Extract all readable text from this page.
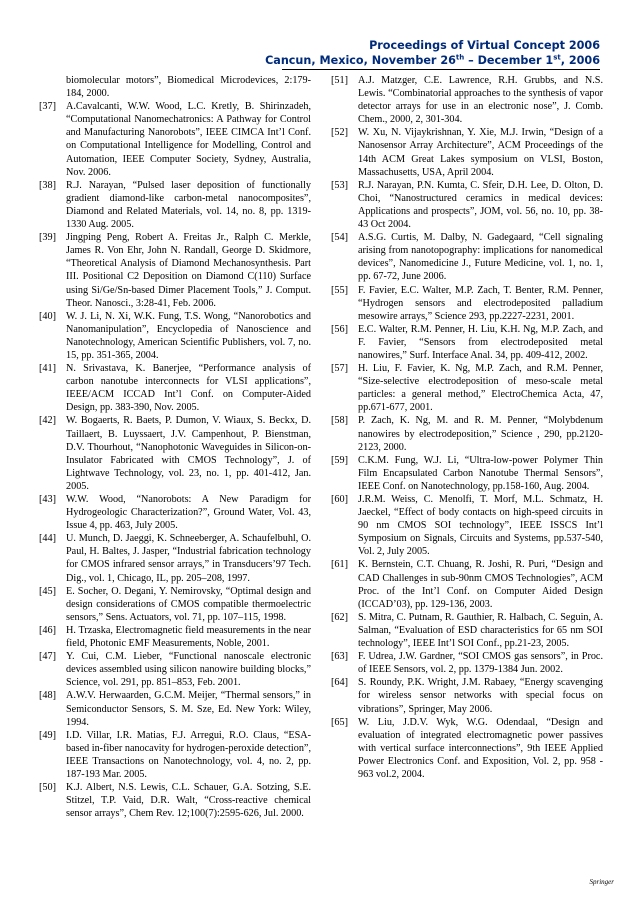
Proceedings of Virtual Concept 2006
Cancun, Mexico, November 26th – December 1st, 2006

biomolecular motors”, Biomedical Microdevices, 2:179-184, 2000.

[37] A.Cavalcanti, W.W. Wood, L.C. Kretly, B. Shirinzadeh, “Computational Nanomechatronics: A Pathway for Control and Manufacturing Nanorobots”, IEEE CIMCA Int’l Conf. on Computational Intelligence for Modelling, Control and Automation, IEEE Computer Society, Sydney, Australia, Nov. 2006.

[38] R.J. Narayan, “Pulsed laser deposition of functionally gradient diamond-like carbon-metal nanocomposites”, Diamond and Related Materials, vol. 14, no. 8, pp. 1319-1330 Aug. 2005.

[39] Jingping Peng, Robert A. Freitas Jr., Ralph C. Merkle, James R. Von Ehr, John N. Randall, George D. Skidmore, “Theoretical Analysis of Diamond Mechanosynthesis. Part III. Positional C2 Deposition on Diamond C(110) Surface using Si/Ge/Sn-based Dimer Placement Tools,” J. Comput. Theor. Nanosci., 3:28-41, Feb. 2006.

[40] W. J. Li, N. Xi, W.K. Fung, T.S. Wong, “Nanorobotics and Nanomanipulation”, Encyclopedia of Nanoscience and Nanotechnology, American Scientific Publishers, vol. 7, no. 15, pp. 351-365, 2004.

[41] N. Srivastava, K. Banerjee, “Performance analysis of carbon nanotube interconnects for VLSI applications”, IEEE/ACM ICCAD Int’l Conf. on Computer-Aided Design, pp. 383-390, Nov. 2005.

[42] W. Bogaerts, R. Baets, P. Dumon, V. Wiaux, S. Beckx, D. Taillaert, B. Luyssaert, J.V. Campenhout, P. Bienstman, D.V. Thourhout, “Nanophotonic Waveguides in Silicon-on-Insulator Fabricated with CMOS Technology”, J. of Lightwave Technology, vol. 23, no. 1, pp. 401-412, Jan. 2005.

[43] W.W. Wood, “Nanorobots: A New Paradigm for Hydrogeologic Characterization?”, Ground Water, Vol. 43, Issue 4, pp. 463, July 2005.

[44] U. Munch, D. Jaeggi, K. Schneeberger, A. Schaufelbuhl, O. Paul, H. Baltes, J. Jasper, “Industrial fabrication technology for CMOS infrared sensor arrays,” in Transducers’97 Tech. Dig., vol. 1, Chicago, IL, pp. 205–208, 1997.

[45] E. Socher, O. Degani, Y. Nemirovsky, “Optimal design and design considerations of CMOS compatible thermoelectric sensors,” Sens. Actuators, vol. 71, pp. 107–115, 1998.

[46] H. Trzaska, Electromagnetic field measurements in the near field, Photonic EMF Measurements, Noble, 2001.

[47] Y. Cui, C.M. Lieber, “Functional nanoscale electronic devices assembled using silicon nanowire building blocks,” Science, vol. 291, pp. 851–853, Feb. 2001.

[48] A.W.V. Herwaarden, G.C.M. Meijer, “Thermal sensors,” in Semiconductor Sensors, S. M. Sze, Ed. New York: Wiley, 1994.

[49] I.D. Villar, I.R. Matias, F.J. Arregui, R.O. Claus, “ESA-based in-fiber nanocavity for hydrogen-peroxide detection”, IEEE Transactions on Nanotechnology, vol. 4, no. 2, pp. 187-193 Mar. 2005.

[50] K.J. Albert, N.S. Lewis, C.L. Schauer, G.A. Sotzing, S.E. Stitzel, T.P. Vaid, D.R. Walt, “Cross-reactive chemical sensor arrays”, Chem Rev. 12;100(7):2595-626, Jul. 2000.

[51] A.J. Matzger, C.E. Lawrence, R.H. Grubbs, and N.S. Lewis. “Combinatorial approaches to the synthesis of vapor detector arrays for use in an electronic nose”, J. Comb. Chem., 2000, 2, 301-304.

[52] W. Xu, N. Vijaykrishnan, Y. Xie, M.J. Irwin, “Design of a Nanosensor Array Architecture”, ACM Proceedings of the 14th ACM Great Lakes symposium on VLSI, Boston, Massachusetts, USA, April 2004.

[53] R.J. Narayan, P.N. Kumta, C. Sfeir, D.H. Lee, D. Olton, D. Choi, “Nanostructured ceramics in medical devices: Applications and prospects”, JOM, vol. 56, no. 10, pp. 38-43 Oct 2004.

[54] A.S.G. Curtis, M. Dalby, N. Gadegaard, “Cell signaling arising from nanotopography: implications for nanomedical devices”, Nanomedicine J., Future Medicine, vol. 1, no. 1, pp. 67-72, June 2006.

[55] F. Favier, E.C. Walter, M.P. Zach, T. Benter, R.M. Penner, “Hydrogen sensors and electrodeposited palladium mesowire arrays,” Science 293, pp.2227-2231, 2001.

[56] E.C. Walter, R.M. Penner, H. Liu, K.H. Ng, M.P. Zach, and F. Favier, “Sensors from electrodeposited metal nanowires,” Surf. Interface Anal. 34, pp. 409-412, 2002.

[57] H. Liu, F. Favier, K. Ng, M.P. Zach, and R.M. Penner, “Size-selective electrodeposition of meso-scale metal particles: a general method,” ElectroChemica Acta, 47, pp.671-677, 2001.

[58] P. Zach, K. Ng, M. and R. M. Penner, “Molybdenum nanowires by electrodeposition,” Science , 290, pp.2120-2123, 2000.

[59] C.K.M. Fung, W.J. Li, “Ultra-low-power Polymer Thin Film Encapsulated Carbon Nanotube Thermal Sensors”, IEEE Conf. on Nanotechnology, pp.158-160, Aug. 2004.

[60] J.R.M. Weiss, C. Menolfi, T. Morf, M.L. Schmatz, H. Jaeckel, “Effect of body contacts on high-speed circuits in 90 nm CMOS SOI technology”, IEEE ISSCS Int’l Symposium on Signals, Circuits and Systems, pp.537-540, Vol. 2, July 2005.

[61] K. Bernstein, C.T. Chuang, R. Joshi, R. Puri, “Design and CAD Challenges in sub-90nm CMOS Technologies”, ACM Proc. of the Int’l Conf. on Computer Aided Design (ICCAD’03), pp. 129-136, 2003.

[62] S. Mitra, C. Putnam, R. Gauthier, R. Halbach, C. Seguin, A. Salman, “Evaluation of ESD characteristics for 65 nm SOI technology”, IEEE Int’l SOI Conf., pp.21-23, 2005.

[63] F. Udrea, J.W. Gardner, “SOI CMOS gas sensors”, in Proc. of IEEE Sensors, vol. 2, pp. 1379-1384 Jun. 2002.

[64] S. Roundy, P.K. Wright, J.M. Rabaey, “Energy scavenging for wireless sensor networks with special focus on vibrations”, Springer, May 2006.

[65] W. Liu, J.D.V. Wyk, W.G. Odendaal, “Design and evaluation of integrated electromagnetic power passives with vertical surface interconnections”, 9th IEEE Applied Power Electronics Conf. and Exposition, Vol. 2, pp. 958 - 963 vol.2, 2004.

Springer
